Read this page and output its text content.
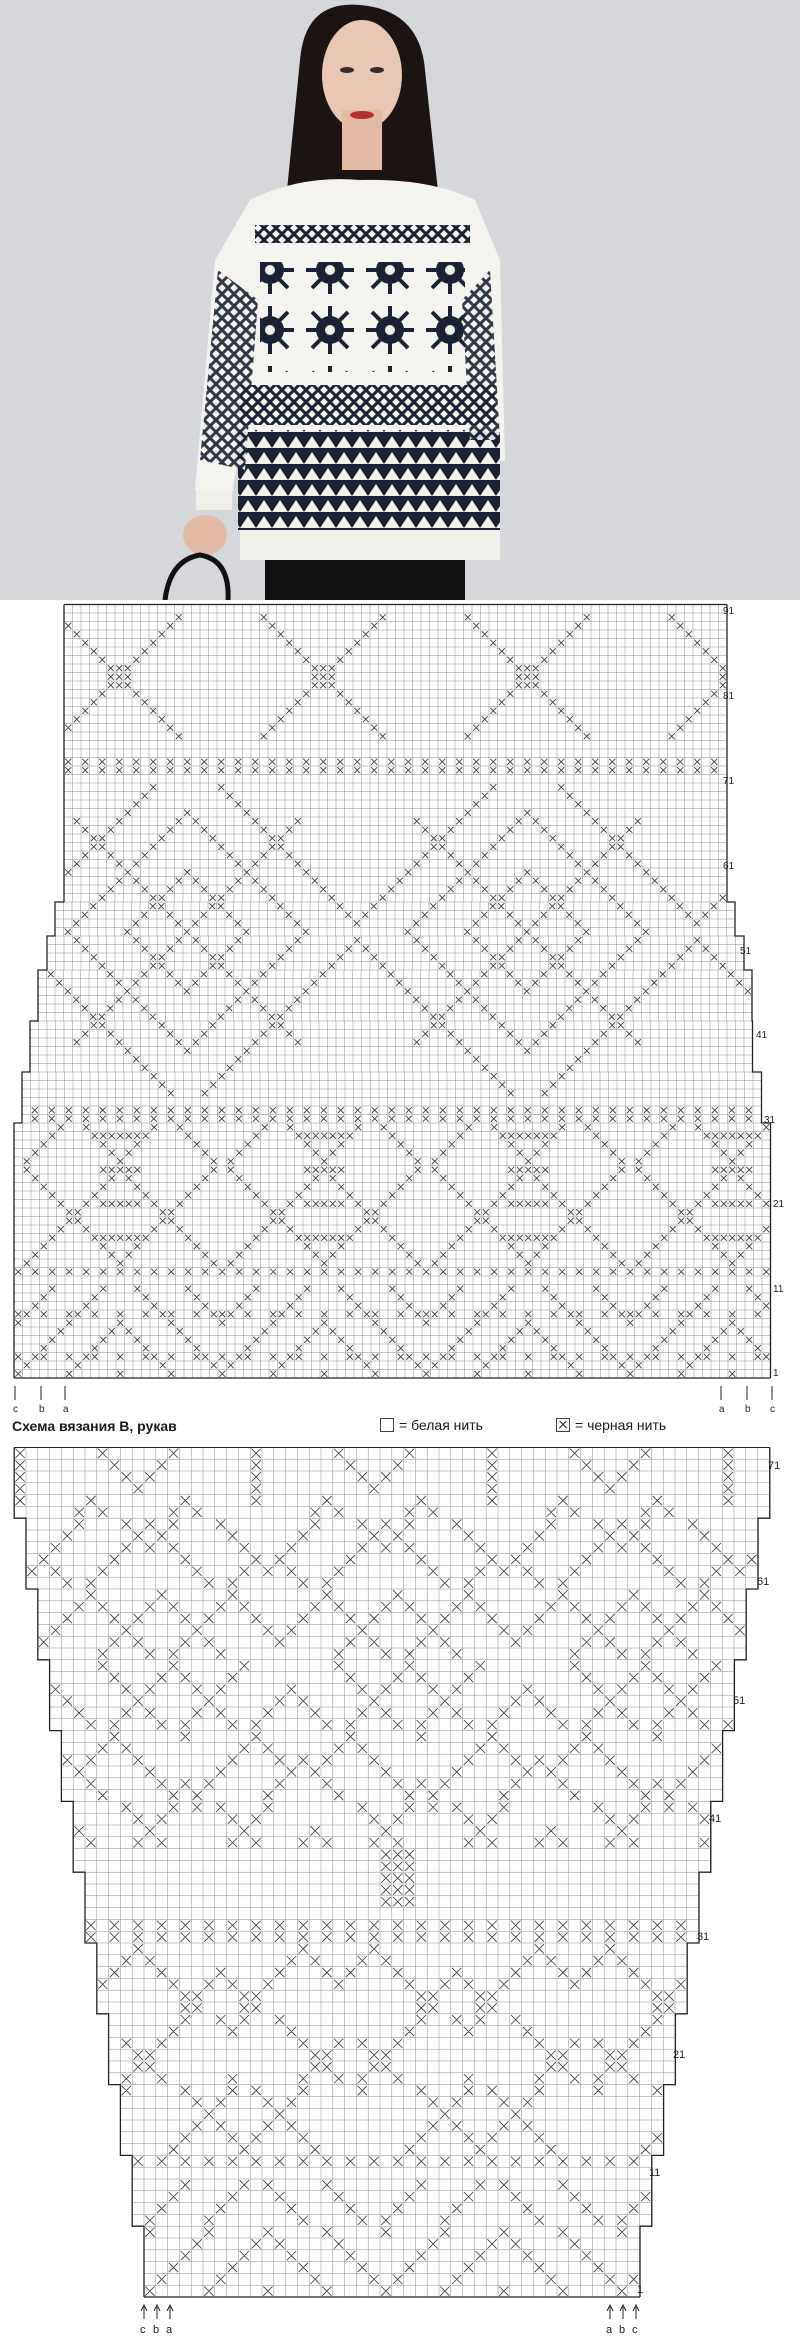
91
81
71
61
51
41
31
21
11
1
c b a	a b c
Схема вязания В, рукав	= белая нить	= черная нить
71
61
51
41
31
21
11
1
c b a	a b c
